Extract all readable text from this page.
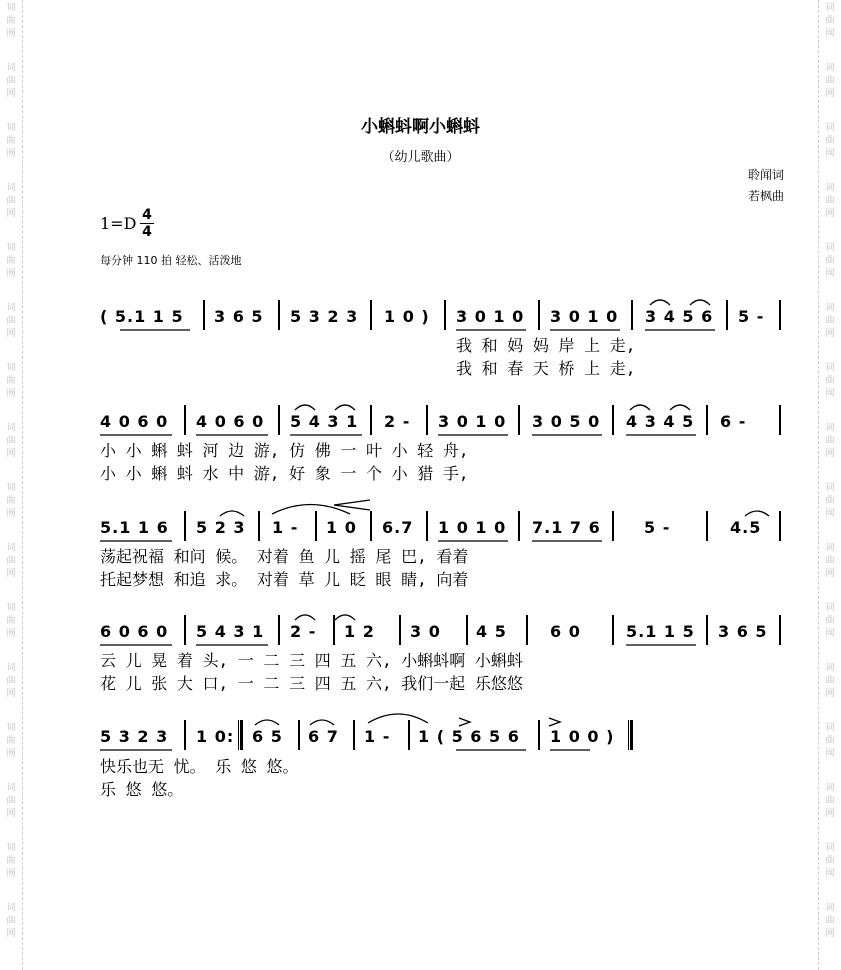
小蝌蚪啊小蝌蚪
（幼儿歌曲）
聆闻词
若枫曲
$1=D \frac{4}{4}$
每分钟 110 拍 轻松、活泼地
( 5.1 1 5 3 6 5 5 3 2 3 1 0 ) 3 0 1 0 3 0 1 0 3 4 5 6 5 -
我 和 妈 妈 岸 上 走,
我 和 春 天 桥 上 走,
4 0 6 0 4 0 6 0 5 4 3 1 2 - 3 0 1 0 3 0 5 0 4 3 4 5 6 -
小 小 蝌 蚪 河 边 游, 仿 佛 一 叶 小 轻 舟,
小 小 蝌 蚪 水 中 游, 好 象 一 个 小 猎 手,
5.1 1 6 5 2 3 1 - 1 0 6.7 1 0 1 0 7.1 7 6	5 -	4.5
荡起祝福 和问 候。 对着 鱼 儿 摇 尾 巴, 看着
托起梦想 和追 求。 对着 草 儿 眨 眼 睛, 向着
6 0 6 0 5 4 3 1 2 - 1 2 3 0 4 5	6 0	5.1 1 5 3 6 5
云 儿 晃 着 头, 一 二 三 四 五 六, 小蝌蚪啊 小蝌蚪
花 儿 张 大 口, 一 二 三 四 五 六, 我们一起 乐悠悠
5 3 2 3 1 0: 6 5 6 7 1 - 1 ( 5 6 5 6 1 0 0 )
快乐也无 忧。 乐 悠 悠。
乐 悠 悠。
词
曲
网
词
曲
网
词
曲
网
词
曲
网
词
曲
网
词
曲
网
词
曲
网
词
曲
网
词
曲
网
词
曲
网
词
曲
网
词
曲
网
词
曲
网
词
曲
网
词
曲
网
词
曲
网
词
曲
网
词
曲
网
词
曲
网
词
曲
网
词
曲
网
词
曲
网
词
曲
网
词
曲
网
词
曲
网
词
曲
网
词
曲
网
词
曲
网
词
曲
网
词
曲
网
词
曲
网
词
曲
网
